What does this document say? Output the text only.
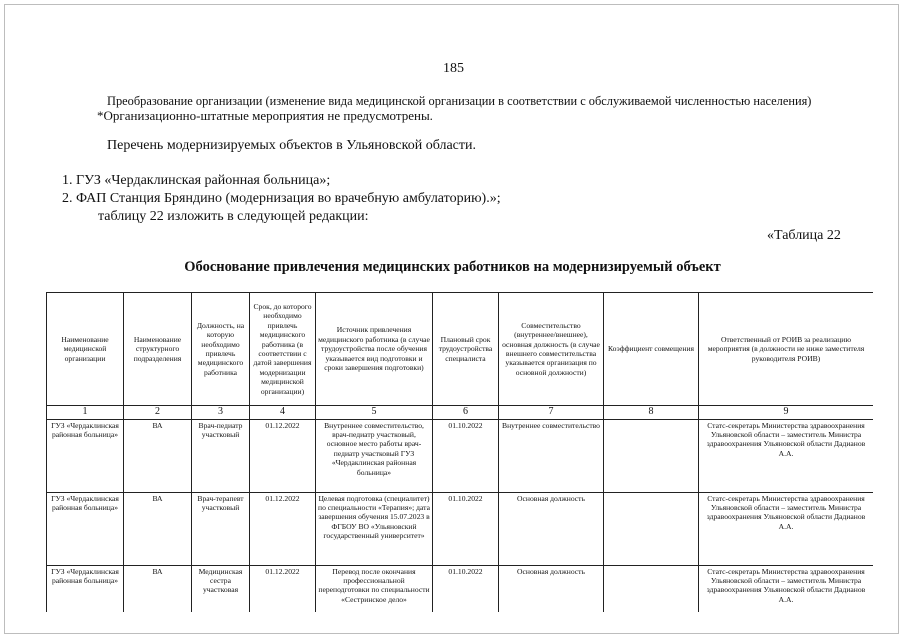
185
Преобразование организации (изменение вида медицинской организации в соответствии с обслуживаемой численностью населения)
*Организационно-штатные мероприятия не предусмотрены.
Перечень модернизируемых объектов в Ульяновской области.
1. ГУЗ «Чердаклинская районная больница»;
2. ФАП Станция Бряндино (модернизация во врачебную амбулаторию).»;
таблицу 22 изложить в следующей редакции:
«Таблица 22
Обоснование привлечения медицинских работников на модернизируемый объект
Наименование медицинской организации	Наименование структурного подразделения	Должность, на которую необходимо привлечь медицинского работника	Срок, до которого необходимо привлечь медицинского работника (в соответствии с датой завершения модернизации медицинской организации)	Источник привлечения медицинского работника (в случае трудоустройства после обучения указывается вид подготовки и сроки завершения подготовки)	Плановый срок трудоустройства специалиста	Совместительство (внутреннее/внешнее), основная должность (в случае внешнего совместительства указывается организация по основной должности)	Коэффициент совмещения	Ответственный от РОИВ за реализацию мероприятия (в должности не ниже заместителя руководителя РОИВ)
1	2	3	4	5	6	7	8	9
ГУЗ «Чердаклинская районная больница»	ВА	Врач-педиатр участковый	01.12.2022	Внутреннее совместительство, врач-педиатр участковый, основное место работы врач-педиатр участковый ГУЗ «Чердаклинская районная больница»	01.10.2022	Внутреннее совместительство		Статс-секретарь Министерства здравоохранения Ульяновской области – заместитель Министра здравоохранения Ульяновской области Дадианов А.А.
ГУЗ «Чердаклинская районная больница»	ВА	Врач-терапевт участковый	01.12.2022	Целевая подготовка (специалитет) по специальности «Терапия»; дата завершения обучения 15.07.2023 в ФГБОУ ВО «Ульяновский государственный университет»	01.10.2022	Основная должность		Статс-секретарь Министерства здравоохранения Ульяновской области – заместитель Министра здравоохранения Ульяновской области Дадианов А.А.
ГУЗ «Чердаклинская районная больница»	ВА	Медицинская сестра участковая	01.12.2022	Перевод после окончания профессиональной переподготовки по специальности «Сестринское дело»	01.10.2022	Основная должность		Статс-секретарь Министерства здравоохранения Ульяновской области – заместитель Министра здравоохранения Ульяновской области Дадианов А.А.
